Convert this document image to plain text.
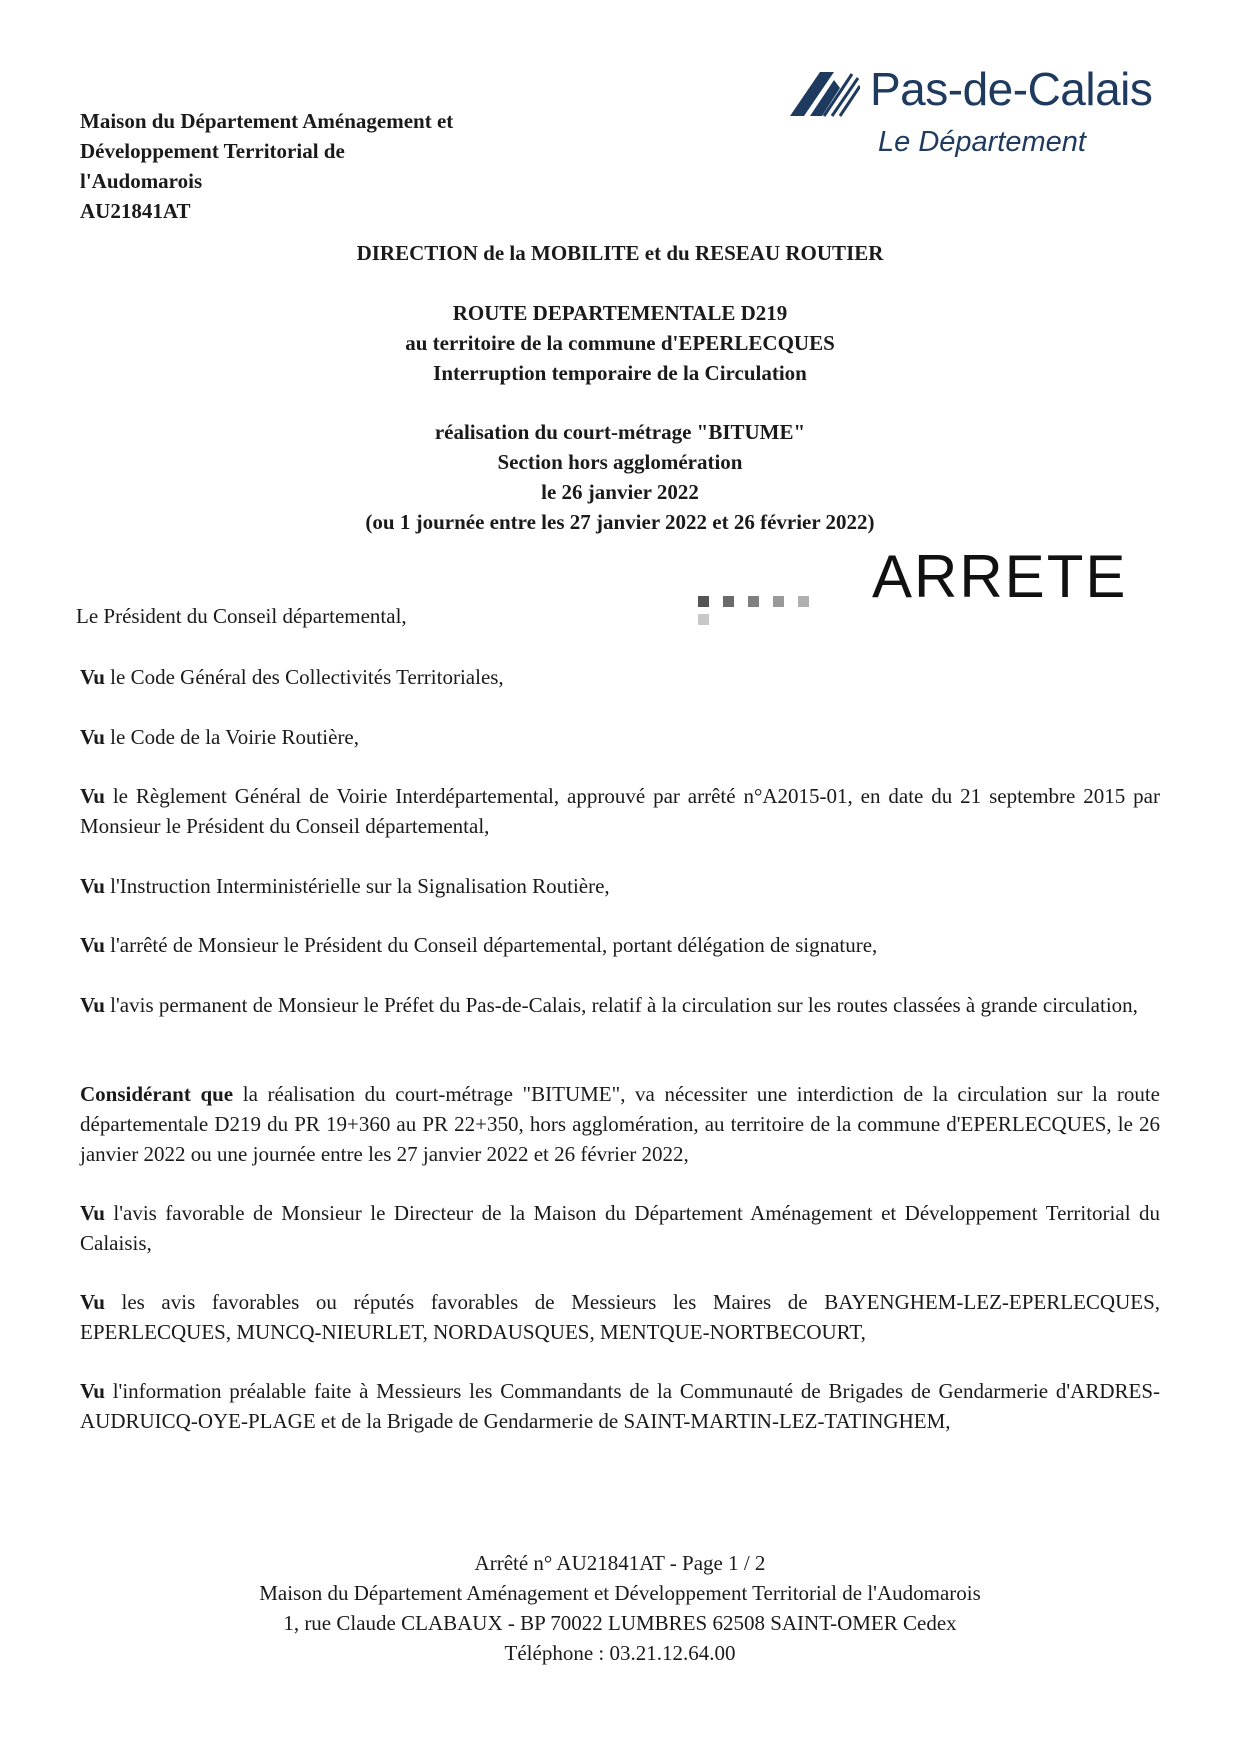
Maison du Département Aménagement et
Développement Territorial de
l'Audomarois
AU21841AT
Pas-de-Calais
Le Département
DIRECTION de la MOBILITE et du RESEAU ROUTIER
ROUTE DEPARTEMENTALE D219
au territoire de la commune d'EPERLECQUES
Interruption temporaire de la Circulation
réalisation du court-métrage "BITUME"
Section hors agglomération
le 26 janvier 2022
(ou 1 journée entre les 27 janvier 2022 et 26 février 2022)
ARRETE
Le Président du Conseil départemental,
Vu le Code Général des Collectivités Territoriales,
Vu le Code de la Voirie Routière,
Vu le Règlement Général de Voirie Interdépartemental, approuvé par arrêté n°A2015-01, en date du 21 septembre 2015 par Monsieur le Président du Conseil départemental,
Vu l'Instruction Interministérielle sur la Signalisation Routière,
Vu l'arrêté de Monsieur le Président du Conseil départemental, portant délégation de signature,
Vu l'avis permanent de Monsieur le Préfet du Pas-de-Calais, relatif à la circulation sur les routes classées à grande circulation,
Considérant que la réalisation du court-métrage "BITUME", va nécessiter une interdiction de la circulation sur la route départementale D219 du PR 19+360 au PR 22+350, hors agglomération, au territoire de la commune d'EPERLECQUES, le 26 janvier 2022 ou une journée entre les 27 janvier 2022 et 26 février 2022,
Vu l'avis favorable de Monsieur le Directeur de la Maison du Département Aménagement et Développement Territorial du Calaisis,
Vu les avis favorables ou réputés favorables de Messieurs les Maires de BAYENGHEM-LEZ-EPERLECQUES, EPERLECQUES, MUNCQ-NIEURLET, NORDAUSQUES, MENTQUE-NORTBECOURT,
Vu l'information préalable faite à Messieurs les Commandants de la Communauté de Brigades de Gendarmerie d'ARDRES-AUDRUICQ-OYE-PLAGE et de la Brigade de Gendarmerie de SAINT-MARTIN-LEZ-TATINGHEM,
Arrêté n° AU21841AT - Page 1 / 2
Maison du Département Aménagement et Développement Territorial de l'Audomarois
1, rue Claude CLABAUX - BP 70022 LUMBRES 62508 SAINT-OMER Cedex
Téléphone : 03.21.12.64.00
